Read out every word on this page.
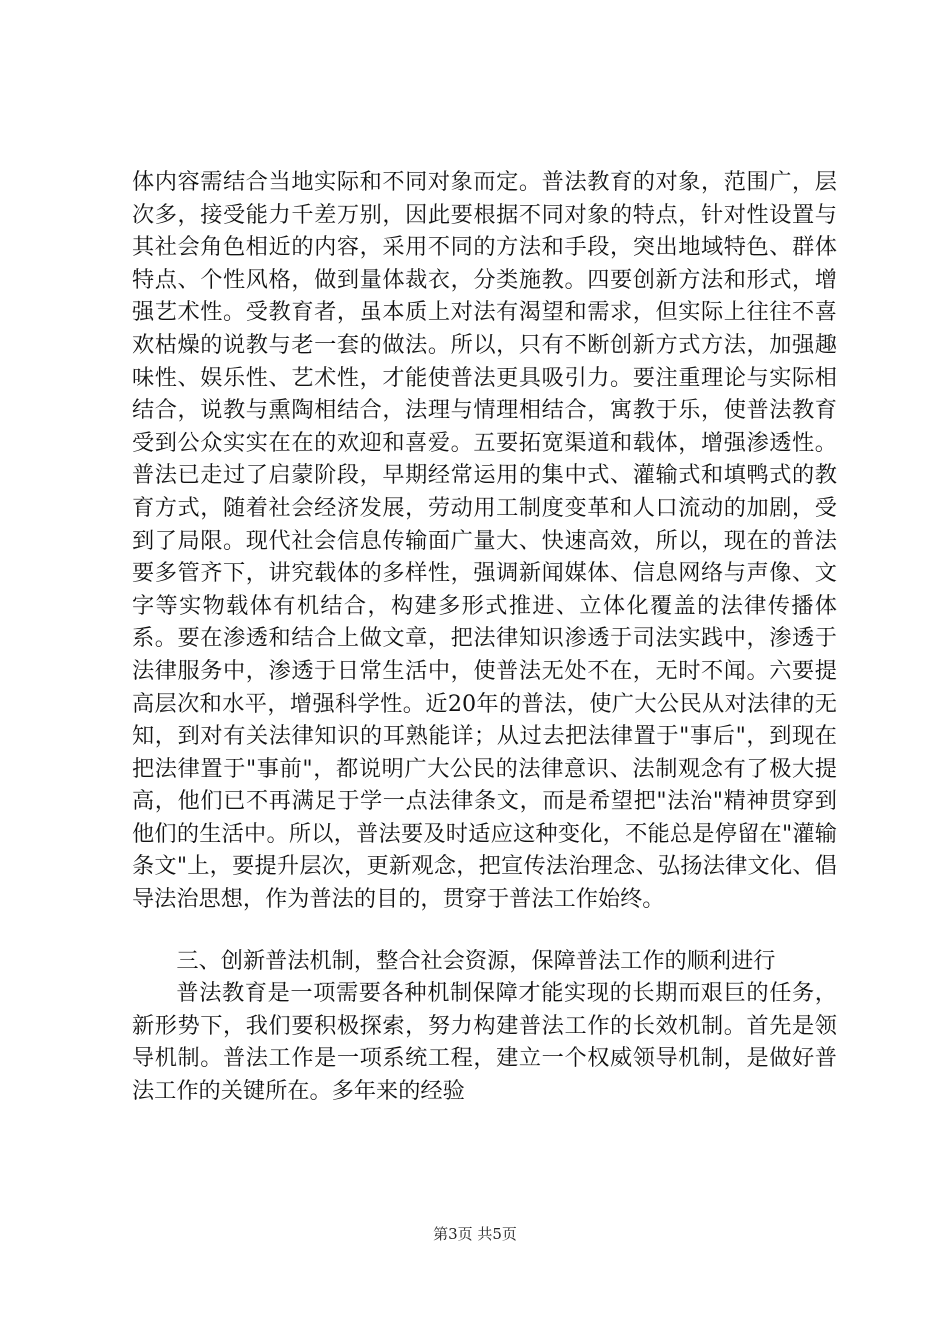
体内容需结合当地实际和不同对象而定。普法教育的对象，范围广，层次多，接受能力千差万别，因此要根据不同对象的特点，针对性设置与其社会角色相近的内容，采用不同的方法和手段，突出地域特色、群体特点、个性风格，做到量体裁衣，分类施教。四要创新方法和形式，增强艺术性。受教育者，虽本质上对法有渴望和需求，但实际上往往不喜欢枯燥的说教与老一套的做法。所以，只有不断创新方式方法，加强趣味性、娱乐性、艺术性，才能使普法更具吸引力。要注重理论与实际相结合，说教与熏陶相结合，法理与情理相结合，寓教于乐，使普法教育受到公众实实在在的欢迎和喜爱。五要拓宽渠道和载体，增强渗透性。普法已走过了启蒙阶段，早期经常运用的集中式、灌输式和填鸭式的教育方式，随着社会经济发展，劳动用工制度变革和人口流动的加剧，受到了局限。现代社会信息传输面广量大、快速高效，所以，现在的普法要多管齐下，讲究载体的多样性，强调新闻媒体、信息网络与声像、文字等实物载体有机结合，构建多形式推进、立体化覆盖的法律传播体系。要在渗透和结合上做文章，把法律知识渗透于司法实践中，渗透于法律服务中，渗透于日常生活中，使普法无处不在，无时不闻。六要提高层次和水平，增强科学性。近20年的普法，使广大公民从对法律的无知，到对有关法律知识的耳熟能详；从过去把法律置于"事后"，到现在把法律置于"事前"，都说明广大公民的法律意识、法制观念有了极大提高，他们已不再满足于学一点法律条文，而是希望把"法治"精神贯穿到他们的生活中。所以，普法要及时适应这种变化，不能总是停留在"灌输条文"上，要提升层次，更新观念，把宣传法治理念、弘扬法律文化、倡导法治思想，作为普法的目的，贯穿于普法工作始终。

三、创新普法机制，整合社会资源，保障普法工作的顺利进行

普法教育是一项需要各种机制保障才能实现的长期而艰巨的任务，新形势下，我们要积极探索，努力构建普法工作的长效机制。首先是领导机制。普法工作是一项系统工程，建立一个权威领导机制，是做好普法工作的关键所在。多年来的经验

第3页 共5页
